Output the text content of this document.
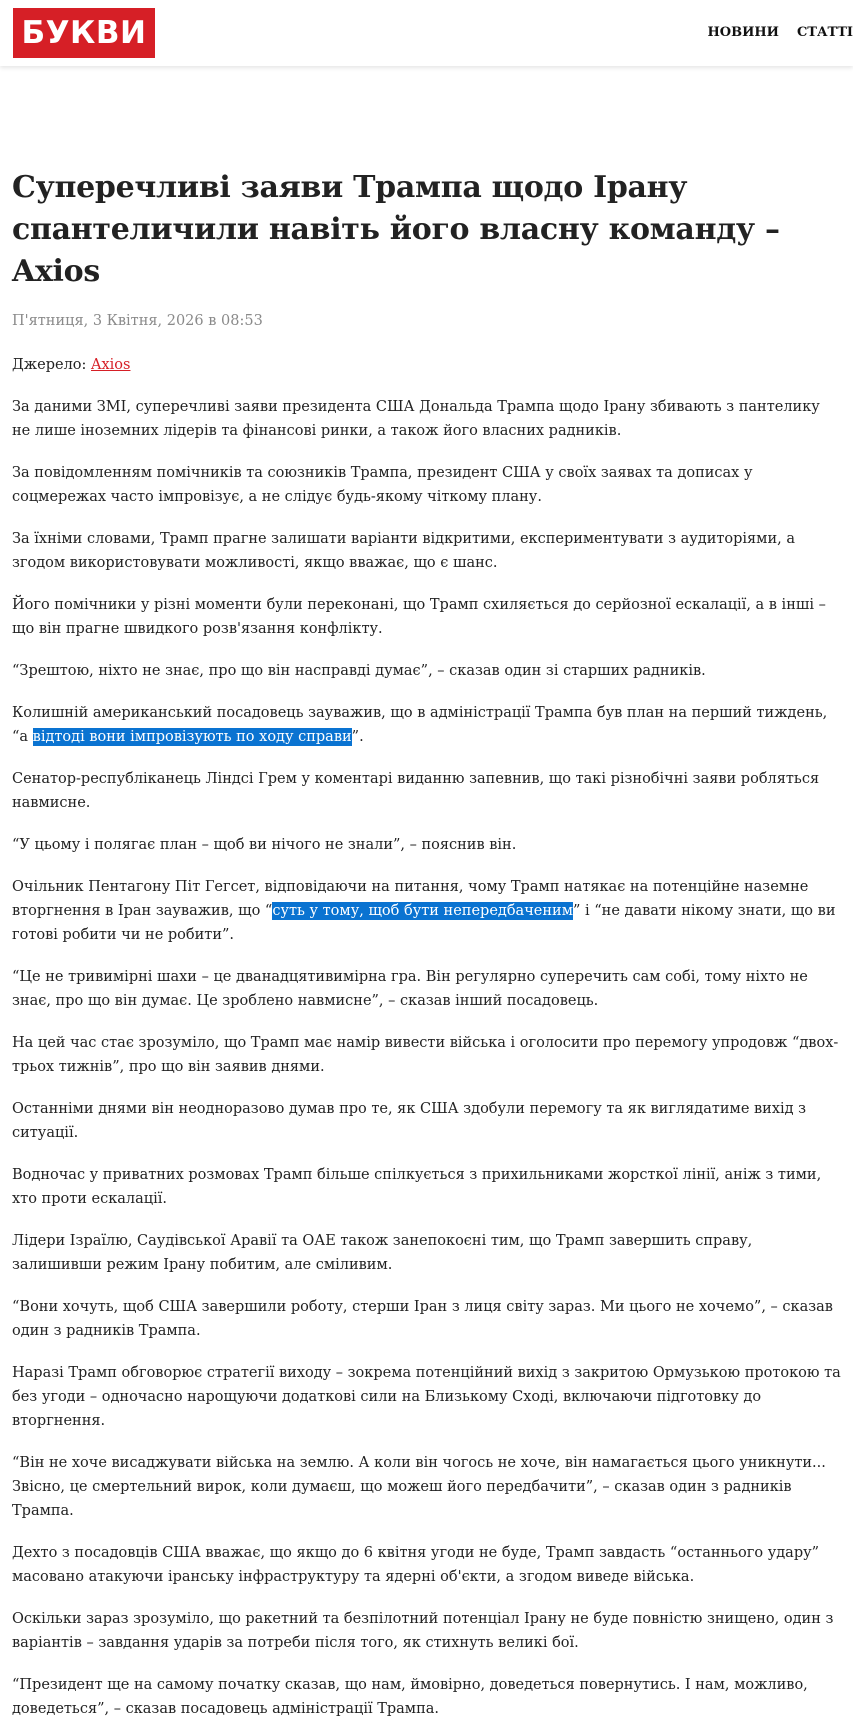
БУКВИ	НОВИНИ СТАТТІ
Суперечливі заяви Трампа щодо Ірану спантеличили навіть його власну команду – Axios
П'ятниця, 3 Квітня, 2026 в 08:53
Джерело: Axios

За даними ЗМІ, суперечливі заяви президента США Дональда Трампа щодо Ірану збивають з пантелику не лише іноземних лідерів та фінансові ринки, а також його власних радників.

За повідомленням помічників та союзників Трампа, президент США у своїх заявах та дописах у соцмережах часто імпровізує, а не слідує будь-якому чіткому плану.

За їхніми словами, Трамп прагне залишати варіанти відкритими, експериментувати з аудиторіями, а згодом використовувати можливості, якщо вважає, що є шанс.

Його помічники у різні моменти були переконані, що Трамп схиляється до серйозної ескалації, а в інші – що він прагне швидкого розв'язання конфлікту.

“Зрештою, ніхто не знає, про що він насправді думає”, – сказав один зі старших радників.

Колишній американський посадовець зауважив, що в адміністрації Трампа був план на перший тиждень, “а відтоді вони імпровізують по ходу справи”.

Сенатор-республіканець Ліндсі Грем у коментарі виданню запевнив, що такі різнобічні заяви робляться навмисне.

“У цьому і полягає план – щоб ви нічого не знали”, – пояснив він.

Очільник Пентагону Піт Гегсет, відповідаючи на питання, чому Трамп натякає на потенційне наземне вторгнення в Іран зауважив, що “суть у тому, щоб бути непередбаченим” і “не давати нікому знати, що ви готові робити чи не робити”.

“Це не тривимірні шахи – це дванадцятивимірна гра. Він регулярно суперечить сам собі, тому ніхто не знає, про що він думає. Це зроблено навмисне”, – сказав інший посадовець.

На цей час стає зрозуміло, що Трамп має намір вивести війська і оголосити про перемогу упродовж “двох-трьох тижнів”, про що він заявив днями.

Останніми днями він неодноразово думав про те, як США здобули перемогу та як виглядатиме вихід з ситуації.

Водночас у приватних розмовах Трамп більше спілкується з прихильниками жорсткої лінії, аніж з тими, хто проти ескалації.

Лідери Ізраїлю, Саудівської Аравії та ОАЕ також занепокоєні тим, що Трамп завершить справу, залишивши режим Ірану побитим, але сміливим.

“Вони хочуть, щоб США завершили роботу, стерши Іран з лиця світу зараз. Ми цього не хочемо”, – сказав один з радників Трампа.

Наразі Трамп обговорює стратегії виходу – зокрема потенційний вихід з закритою Ормузькою протокою та без угоди – одночасно нарощуючи додаткові сили на Близькому Сході, включаючи підготовку до вторгнення.

“Він не хоче висаджувати війська на землю. А коли він чогось не хоче, він намагається цього уникнути... Звісно, це смертельний вирок, коли думаєш, що можеш його передбачити”, – сказав один з радників Трампа.

Дехто з посадовців США вважає, що якщо до 6 квітня угоди не буде, Трамп завдасть “останнього удару” масовано атакуючи іранську інфраструктуру та ядерні об'єкти, а згодом виведе війська.

Оскільки зараз зрозуміло, що ракетний та безпілотний потенціал Ірану не буде повністю знищено, один з варіантів – завдання ударів за потреби після того, як стихнуть великі бої.

“Президент ще на самому початку сказав, що нам, ймовірно, доведеться повернутись. І нам, можливо, доведеться”, – сказав посадовець адміністрації Трампа.
